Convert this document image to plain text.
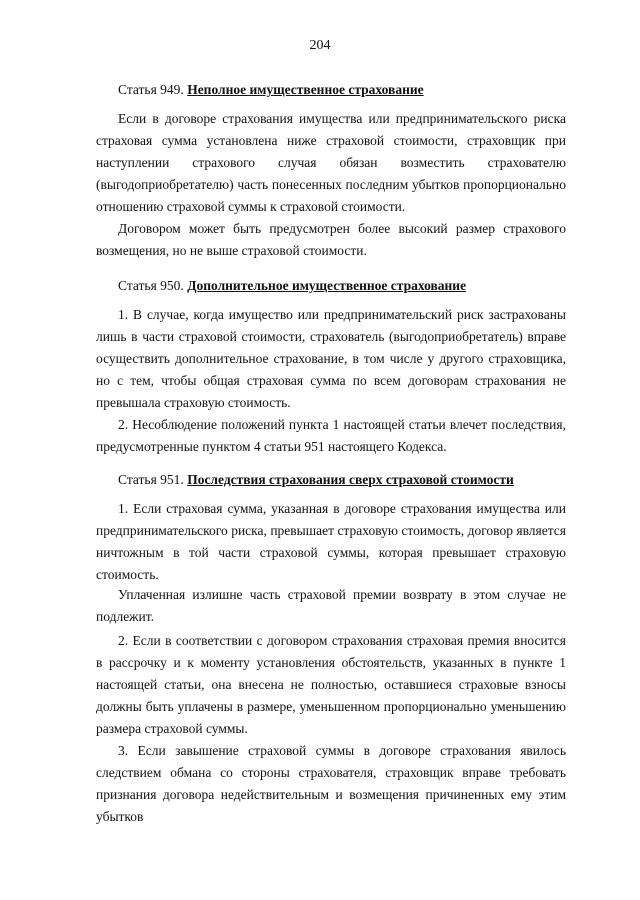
204
Статья 949. Неполное имущественное страхование

Если в договоре страхования имущества или предпринимательского риска страховая сумма установлена ниже страховой стоимости, страховщик при наступлении страхового случая обязан возместить страхователю (выгодоприобретателю) часть понесенных последним убытков пропорционально отношению страховой суммы к страховой стоимости.

Договором может быть предусмотрен более высокий размер страхового возмещения, но не выше страховой стоимости.

Статья 950. Дополнительное имущественное страхование

1. В случае, когда имущество или предпринимательский риск застрахованы лишь в части страховой стоимости, страхователь (выгодоприобретатель) вправе осуществить дополнительное страхование, в том числе у другого страховщика, но с тем, чтобы общая страховая сумма по всем договорам страхования не превышала страховую стоимость.

2. Несоблюдение положений пункта 1 настоящей статьи влечет последствия, предусмотренные пунктом 4 статьи 951 настоящего Кодекса.

Статья 951. Последствия страхования сверх страховой стоимости

1. Если страховая сумма, указанная в договоре страхования имущества или предпринимательского риска, превышает страховую стоимость, договор является ничтожным в той части страховой суммы, которая превышает страховую стоимость.

Уплаченная излишне часть страховой премии возврату в этом случае не подлежит.

2. Если в соответствии с договором страхования страховая премия вносится в рассрочку и к моменту установления обстоятельств, указанных в пункте 1 настоящей статьи, она внесена не полностью, оставшиеся страховые взносы должны быть уплачены в размере, уменьшенном пропорционально уменьшению размера страховой суммы.

3. Если завышение страховой суммы в договоре страхования явилось следствием обмана со стороны страхователя, страховщик вправе требовать признания договора недействительным и возмещения причиненных ему этим убытков
